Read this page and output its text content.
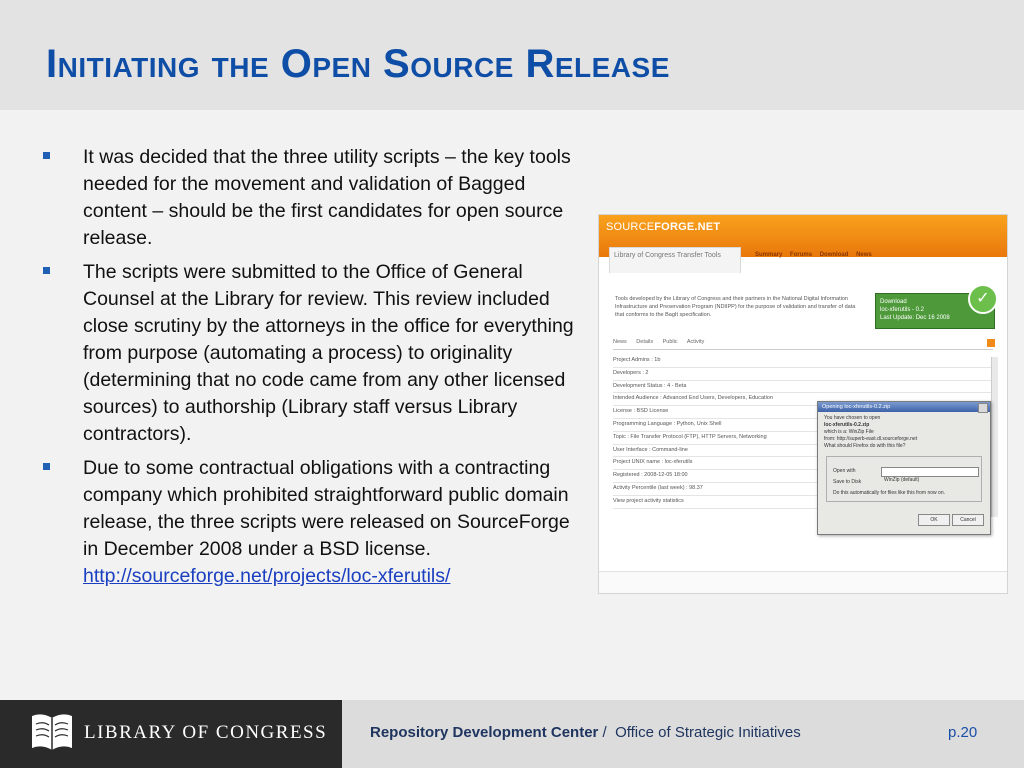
Initiating the Open Source Release
It was decided that the three utility scripts – the key tools needed for the movement and validation of Bagged content – should be the first candidates for open source release.
The scripts were submitted to the Office of General Counsel at the Library for review. This review included close scrutiny by the attorneys in the office for everything from purpose (automating a process) to originality (determining that no code came from any other licensed sources) to authorship (Library staff versus Library contractors).
Due to some contractual obligations with a contracting company which prohibited straightforward public domain release, the three scripts were released on SourceForge in December 2008 under a BSD license.
http://sourceforge.net/projects/loc-xferutils/
SOURCEFORGE.NET
Library of Congress Transfer Tools	Summary Forums Download News
Tools developed by the Library of Congress and their partners in the National Digital Information Infrastructure and Preservation Program (NDIIPP) for the purpose of validation and transfer of data that conforms to the BagIt specification.
Download
loc-xferutils - 0.2
Last Update: Dec 16 2008
✓
News Details Public Activity
Project Admins : 1b
Developers : 2
Development Status : 4 - Beta
Intended Audience : Advanced End Users, Developers, Education
License : BSD License
Programming Language : Python, Unix Shell
Topic : File Transfer Protocol (FTP), HTTP Servers, Networking
User Interface : Command-line
Project UNIX name : loc-xferutils
Registered : 2008-12-05 18:00
Activity Percentile (last week) : 98.37
View project activity statistics
Opening loc-xferutils-0.2.zip
You have chosen to open
loc-xferutils-0.2.zip
which is a: WinZip File
from: http://superb-east.dl.sourceforge.net
What should Firefox do with this file?
Open with
WinZip (default)
Save to Disk
Do this automatically for files like this from now on.
OK	Cancel
LIBRARY OF CONGRESS	Repository Development Center /  Office of Strategic Initiatives	p.20
